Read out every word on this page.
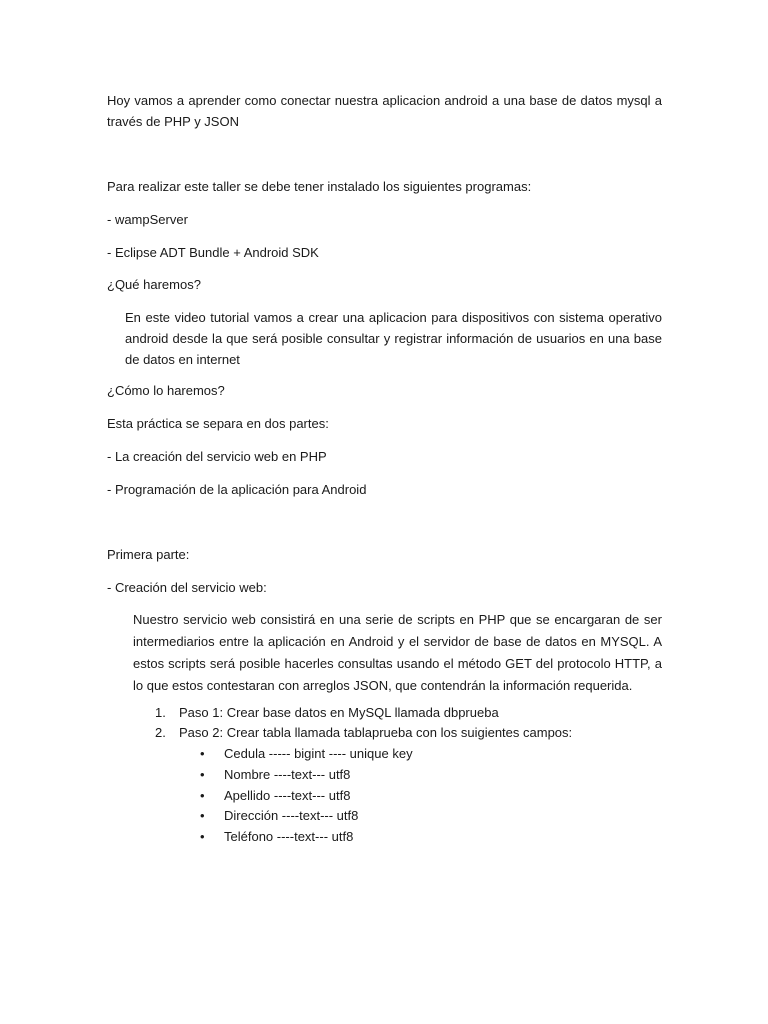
Hoy vamos a aprender como conectar nuestra aplicacion android a una base de datos mysql a través de PHP y JSON

Para realizar este taller se debe tener instalado los siguientes programas:

- wampServer

- Eclipse ADT Bundle + Android SDK

¿Qué haremos?

En este video tutorial vamos a crear una aplicacion para dispositivos con sistema operativo android desde la que será posible consultar y registrar información de usuarios en una base de datos en internet

¿Cómo lo haremos?

Esta práctica se separa en dos partes:

- La creación del servicio web en PHP

- Programación de la aplicación para Android

Primera parte:

- Creación del servicio web:

Nuestro servicio web consistirá en una serie de scripts en PHP que se encargaran de ser intermediarios entre la aplicación en Android y el servidor de base de datos en MYSQL. A estos scripts será posible hacerles consultas usando el método GET del protocolo HTTP, a lo que estos contestaran con arreglos JSON, que contendrán la información requerida.

1. Paso 1: Crear base datos en MySQL llamada dbprueba
2. Paso 2: Crear tabla llamada tablaprueba con los suigientes campos:
• Cedula ----- bigint ---- unique key
• Nombre ----text--- utf8
• Apellido ----text--- utf8
• Dirección ----text--- utf8
• Teléfono ----text--- utf8
